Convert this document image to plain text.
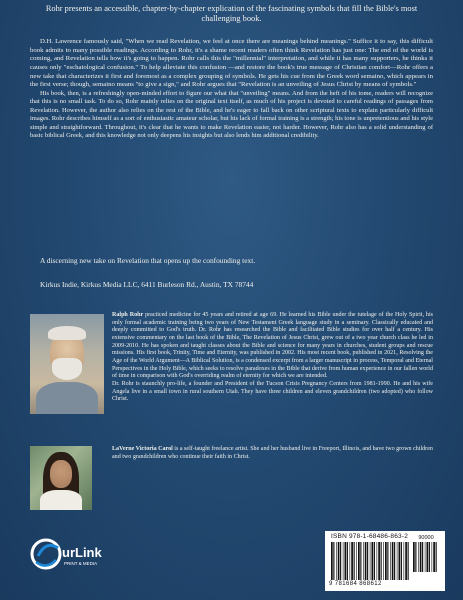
Rohr presents an accessible, chapter-by-chapter explication of the fascinating symbols that fill the Bible's most challenging book.

D.H. Lawrence famously said, "When we read Revelation, we feel at once there are meanings behind meanings." Suffice it to say, this difficult book admits to many possible readings. According to Rohr, it's a shame recent readers often think Revelation has just one: The end of the world is coming, and Revelation tells how it's going to happen. Rohr calls this the "millennial" interpretation, and while it has many supporters, he thinks it causes only "eschatological confusion." To help alleviate this confusion —and restore the book's true message of Christian comfort—Rohr offers a new take that characterizes it first and foremost as a complex grouping of symbols. He gets his cue from the Greek word semaino, which appears in the first verse; though, semaino means "to give a sign," and Rohr argues that "Revelation is an unveiling of Jesus Christ by means of symbols."

His book, then, is a refreshingly open-minded effort to figure our what that "unveiling" means. And from the heft of his tome, readers will recognize that this is no small task. To do so, Rohr mainly relies on the original text itself, as much of his project is devoted to careful readings of passages from Revelation. However, the author also relies on the rest of the Bible, and he's eager to fall back on other scriptural texts to explain particularly difficult images. Rohr describes himself as a sort of enthusiastic amateur scholar, but his lack of formal training is a strength; his tone is unpretentious and his style simple and straightforward. Throughout, it's clear that he wants to make Revelation easier, not harder. However, Rohr also has a solid understanding of basic biblical Greek, and this knowledge not only deepens his insights but also lends him additional credibility.

A discerning new take on Revelation that opens up the confounding text.
Kirkus Indie, Kirkus Media LLC, 6411 Burleson Rd., Austin, TX 78744

Ralph Rohr practiced medicine for 45 years and retired at age 69. He learned his Bible under the tutelage of the Holy Spirit, his only formal academic training being two years of New Testament Greek language study in a seminary. Classically educated and deeply committed to God's truth. Dr. Rohr has researched the Bible and facilitated Bible studies for over half a century. His extensive commentary on the last book of the Bible, The Revelation of Jesus Christ, grew out of a two year church class he led in 2009-2010. He has spoken and taught classes about the Bible and science for many years in churches, student groups and rescue missions. His first book, Trinity, Time and Eternity, was published in 2002. His most recent book, published in 2021, Resolving the Age of the World Argument—A Biblical Solution, is a condensed excerpt from a larger manuscript in process, Temporal and Eternal Perspectives in the Holy Bible, which seeks to resolve paradoxes in the Bible that derive from human experience in our fallen world of time in comparison with God's overriding realm of eternity for which we are intended.

Dr. Rohr is staunchly pro-life, a founder and President of the Tucson Crisis Pregnancy Centers from 1981-1990. He and his wife Angela live in a small town in rural southern Utah. They have three children and eleven grandchildren (two adopted) who follow Christ.

LaVerne Victoria Carol is a self-taught freelance artist. She and her husband live in Freeport, Illinois, and have two grown children and two grandchildren who continue their faith in Christ.
urLink
PRINT & MEDIA
ISBN 978-1-68486-863-2	90000
9 781684 868612
